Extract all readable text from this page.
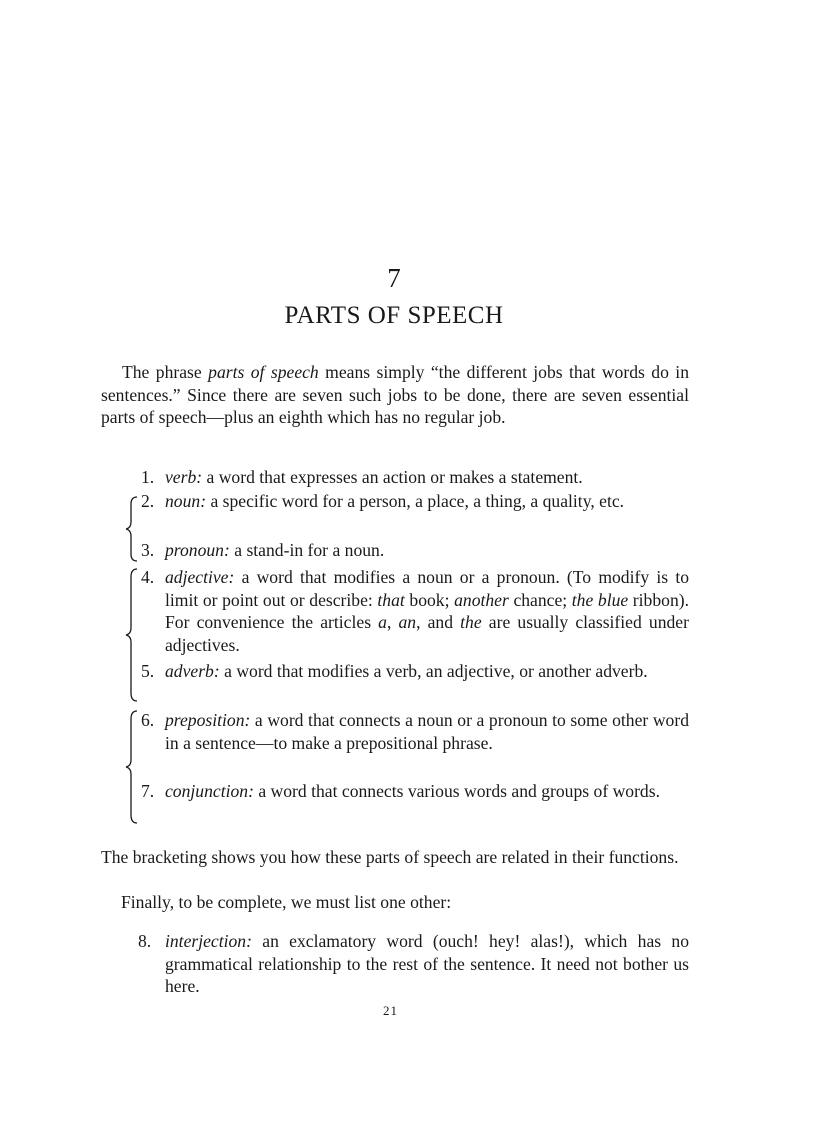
7
PARTS OF SPEECH

The phrase parts of speech means simply “the different jobs that words do in sentences.” Since there are seven such jobs to be done, there are seven essential parts of speech—plus an eighth which has no regular job.

1. verb: a word that expresses an action or makes a statement.
2. noun: a specific word for a person, a place, a thing, a quality, etc.
3. pronoun: a stand-in for a noun.
4. adjective: a word that modifies a noun or a pronoun. (To modify is to limit or point out or describe: that book; another chance; the blue ribbon). For convenience the articles a, an, and the are usually classified under adjectives.
5. adverb: a word that modifies a verb, an adjective, or another adverb.
6. preposition: a word that connects a noun or a pronoun to some other word in a sentence—to make a prepositional phrase.
7. conjunction: a word that connects various words and groups of words.

The bracketing shows you how these parts of speech are related in their functions.

Finally, to be complete, we must list one other:

8. interjection: an exclamatory word (ouch! hey! alas!), which has no grammatical relationship to the rest of the sentence. It need not bother us here.
21
